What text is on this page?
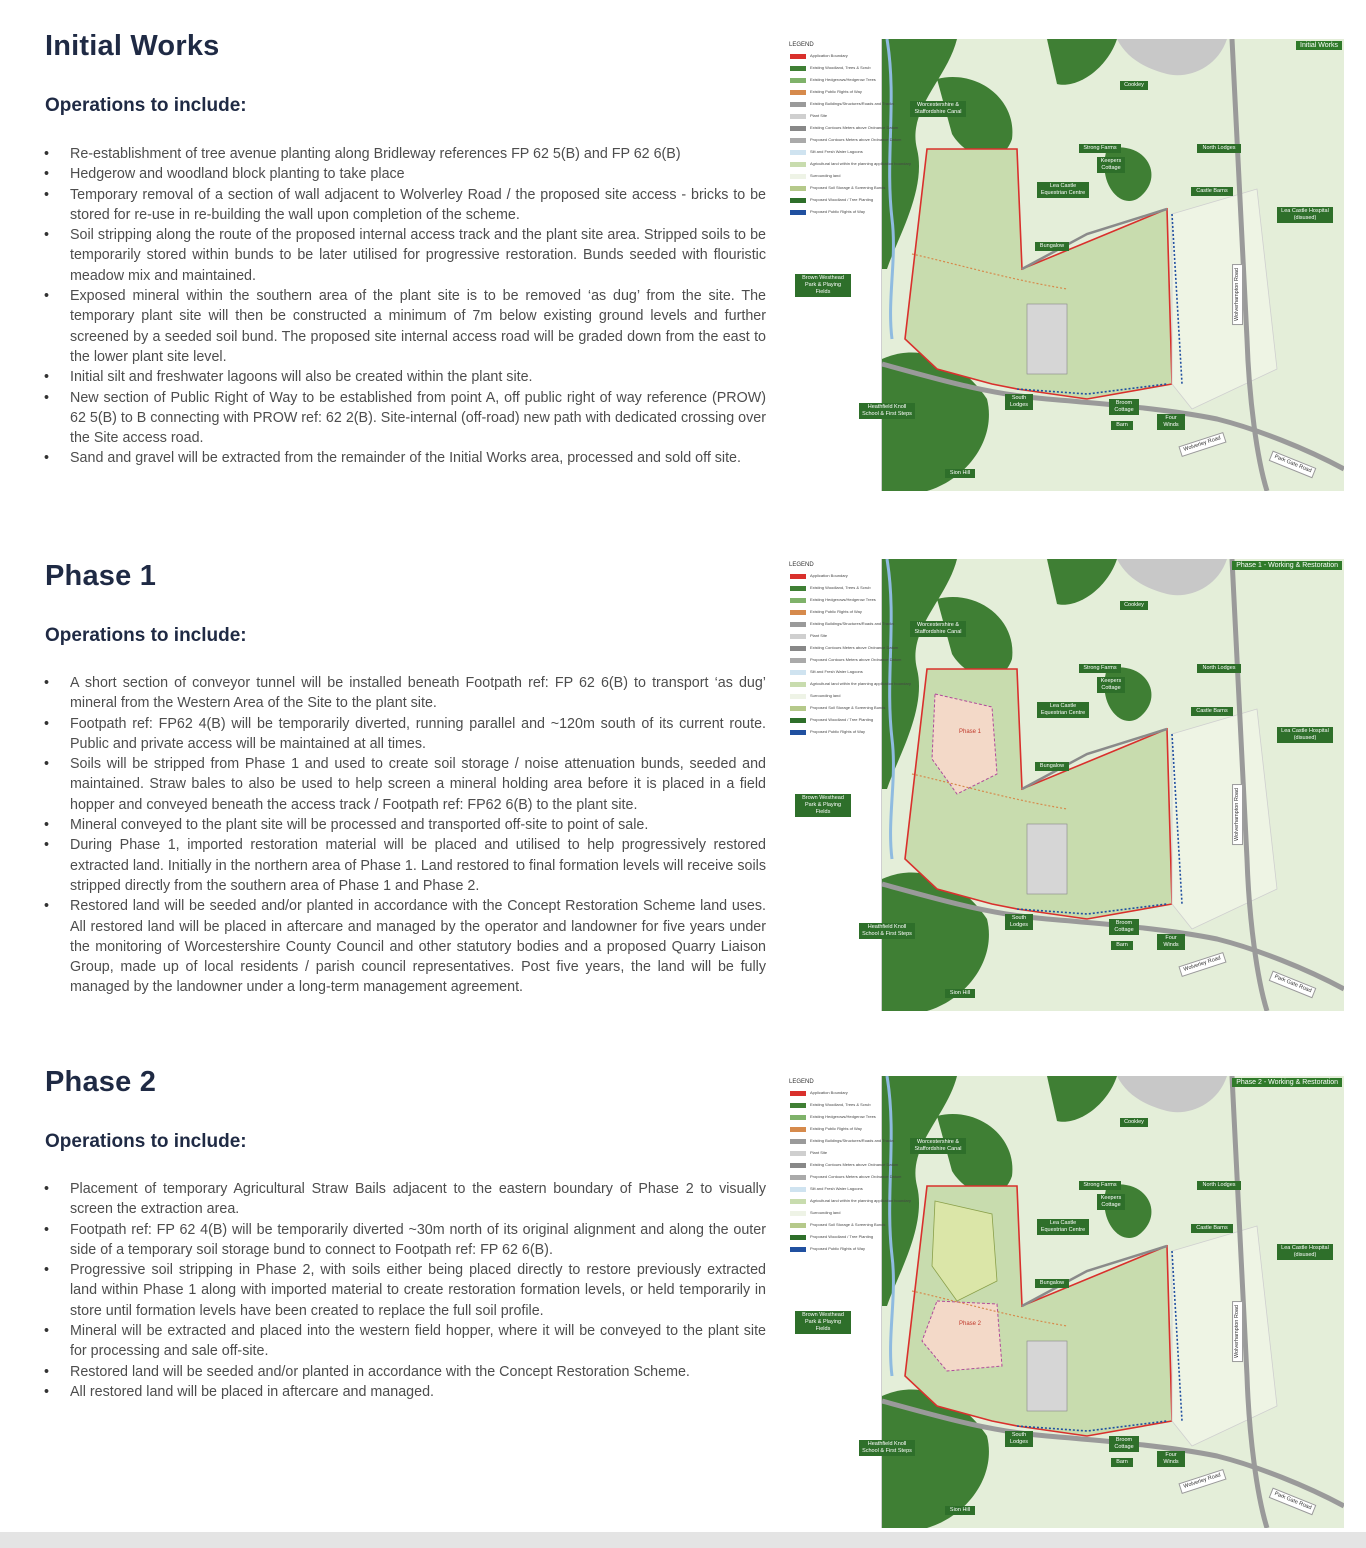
Initial Works
Operations to include:
• Re-establishment of tree avenue planting along Bridleway references FP 62 5(B) and FP 62 6(B)
• Hedgerow and woodland block planting to take place
• Temporary removal of a section of wall adjacent to Wolverley Road / the proposed site access - bricks to be stored for re-use in re-building the wall upon completion of the scheme.
• Soil stripping along the route of the proposed internal access track and the plant site area. Stripped soils to be temporarily stored within bunds to be later utilised for progressive restoration. Bunds seeded with flouristic meadow mix and maintained.
• Exposed mineral within the southern area of the plant site is to be removed ‘as dug’ from the site. The temporary plant site will then be constructed a minimum of 7m below existing ground levels and further screened by a seeded soil bund. The proposed site internal access road will be graded down from the east to the lower plant site level.
• Initial silt and freshwater lagoons will also be created within the plant site.
• New section of Public Right of Way to be established from point A, off public right of way reference (PROW) 62 5(B) to B connecting with PROW ref: 62 2(B). Site-internal (off-road) new path with dedicated crossing over the Site access road.
• Sand and gravel will be extracted from the remainder of the Initial Works area, processed and sold off site.
LEGEND
Application Boundary
Existing Woodland, Trees & Scrub
Existing Hedgerows/Hedgerow Trees
Existing Public Rights of Way
Existing Buildings/Structures/Roads and Tracks
Plant Site
Existing Contours Meters above Ordnance Datum
Proposed Contours Meters above Ordnance Datum
Silt and Fresh Water Lagoons
Agricultural land within the planning application boundary
Surrounding land
Proposed Soil Storage & Screening Bunds
Proposed Woodland / Tree Planting
Proposed Public Rights of Way
Initial Works
Worcestershire & Staffordshire Canal
Cookley
Strong Farms
Keepers Cottage
North Lodges
Castle Barns
Lea Castle Hospital (disused)
Lea Castle Equestrian Centre
Bungalow
Brown Westhead Park & Playing Fields
Heathfield Knoll School & First Steps
South Lodges	Broom Cottage
Barn
Four Winds
Sion Hill
Wolverley Road
Park Gate Road
Wolverhampton Road
Phase 1
Operations to include:
• A short section of conveyor tunnel will be installed beneath Footpath ref: FP 62 6(B) to transport ‘as dug’ mineral from the Western Area of the Site to the plant site.
• Footpath ref: FP62 4(B) will be temporarily diverted, running parallel and ~120m south of its current route. Public and private access will be maintained at all times.
• Soils will be stripped from Phase 1 and used to create soil storage / noise attenuation bunds, seeded and maintained. Straw bales to also be used to help screen a mineral holding area before it is placed in a field hopper and conveyed beneath the access track / Footpath ref: FP62 6(B) to the plant site.
• Mineral conveyed to the plant site will be processed and transported off-site to point of sale.
• During Phase 1, imported restoration material will be placed and utilised to help progressively restored extracted land. Initially in the northern area of Phase 1. Land restored to final formation levels will receive soils stripped directly from the southern area of Phase 1 and Phase 2.
• Restored land will be seeded and/or planted in accordance with the Concept Restoration Scheme land uses. All restored land will be placed in aftercare and managed by the operator and landowner for five years under the monitoring of Worcestershire County Council and other statutory bodies and a proposed Quarry Liaison Group, made up of local residents / parish council representatives. Post five years, the land will be fully managed by the landowner under a long-term management agreement.
LEGEND
Application Boundary
Existing Woodland, Trees & Scrub
Existing Hedgerows/Hedgerow Trees
Existing Public Rights of Way
Existing Buildings/Structures/Roads and Tracks
Plant Site
Existing Contours Meters above Ordnance Datum
Proposed Contours Meters above Ordnance Datum
Silt and Fresh Water Lagoons
Agricultural land within the planning application boundary
Surrounding land
Proposed Soil Storage & Screening Bunds
Proposed Woodland / Tree Planting
Proposed Public Rights of Way
Phase 1 - Working & Restoration
Worcestershire & Staffordshire Canal
Cookley
Strong Farms
Keepers Cottage
North Lodges
Castle Barns
Lea Castle Hospital (disused)
Lea Castle Equestrian Centre
Bungalow
Brown Westhead Park & Playing Fields
Heathfield Knoll School & First Steps
South Lodges	Broom Cottage
Barn
Four Winds
Sion Hill
Wolverley Road
Park Gate Road
Wolverhampton Road
Phase 1
Phase 2
Operations to include:
• Placement of temporary Agricultural Straw Bails adjacent to the eastern boundary of Phase 2 to visually screen the extraction area.
• Footpath ref: FP 62 4(B) will be temporarily diverted ~30m north of its original alignment and along the outer side of a temporary soil storage bund to connect to Footpath ref: FP 62 6(B).
• Progressive soil stripping in Phase 2, with soils either being placed directly to restore previously extracted land within Phase 1 along with imported material to create restoration formation levels, or held temporarily in store until formation levels have been created to replace the full soil profile.
• Mineral will be extracted and placed into the western field hopper, where it will be conveyed to the plant site for processing and sale off-site.
• Restored land will be seeded and/or planted in accordance with the Concept Restoration Scheme.
• All restored land will be placed in aftercare and managed.
LEGEND
Application Boundary
Existing Woodland, Trees & Scrub
Existing Hedgerows/Hedgerow Trees
Existing Public Rights of Way
Existing Buildings/Structures/Roads and Tracks
Plant Site
Existing Contours Meters above Ordnance Datum
Proposed Contours Meters above Ordnance Datum
Silt and Fresh Water Lagoons
Agricultural land within the planning application boundary
Surrounding land
Proposed Soil Storage & Screening Bunds
Proposed Woodland / Tree Planting
Proposed Public Rights of Way
Phase 2 - Working & Restoration
Worcestershire & Staffordshire Canal
Cookley
Strong Farms
Keepers Cottage
North Lodges
Castle Barns
Lea Castle Hospital (disused)
Lea Castle Equestrian Centre
Bungalow
Brown Westhead Park & Playing Fields
Heathfield Knoll School & First Steps
South Lodges	Broom Cottage
Barn
Four Winds
Sion Hill
Wolverley Road
Park Gate Road
Wolverhampton Road
Phase 2
